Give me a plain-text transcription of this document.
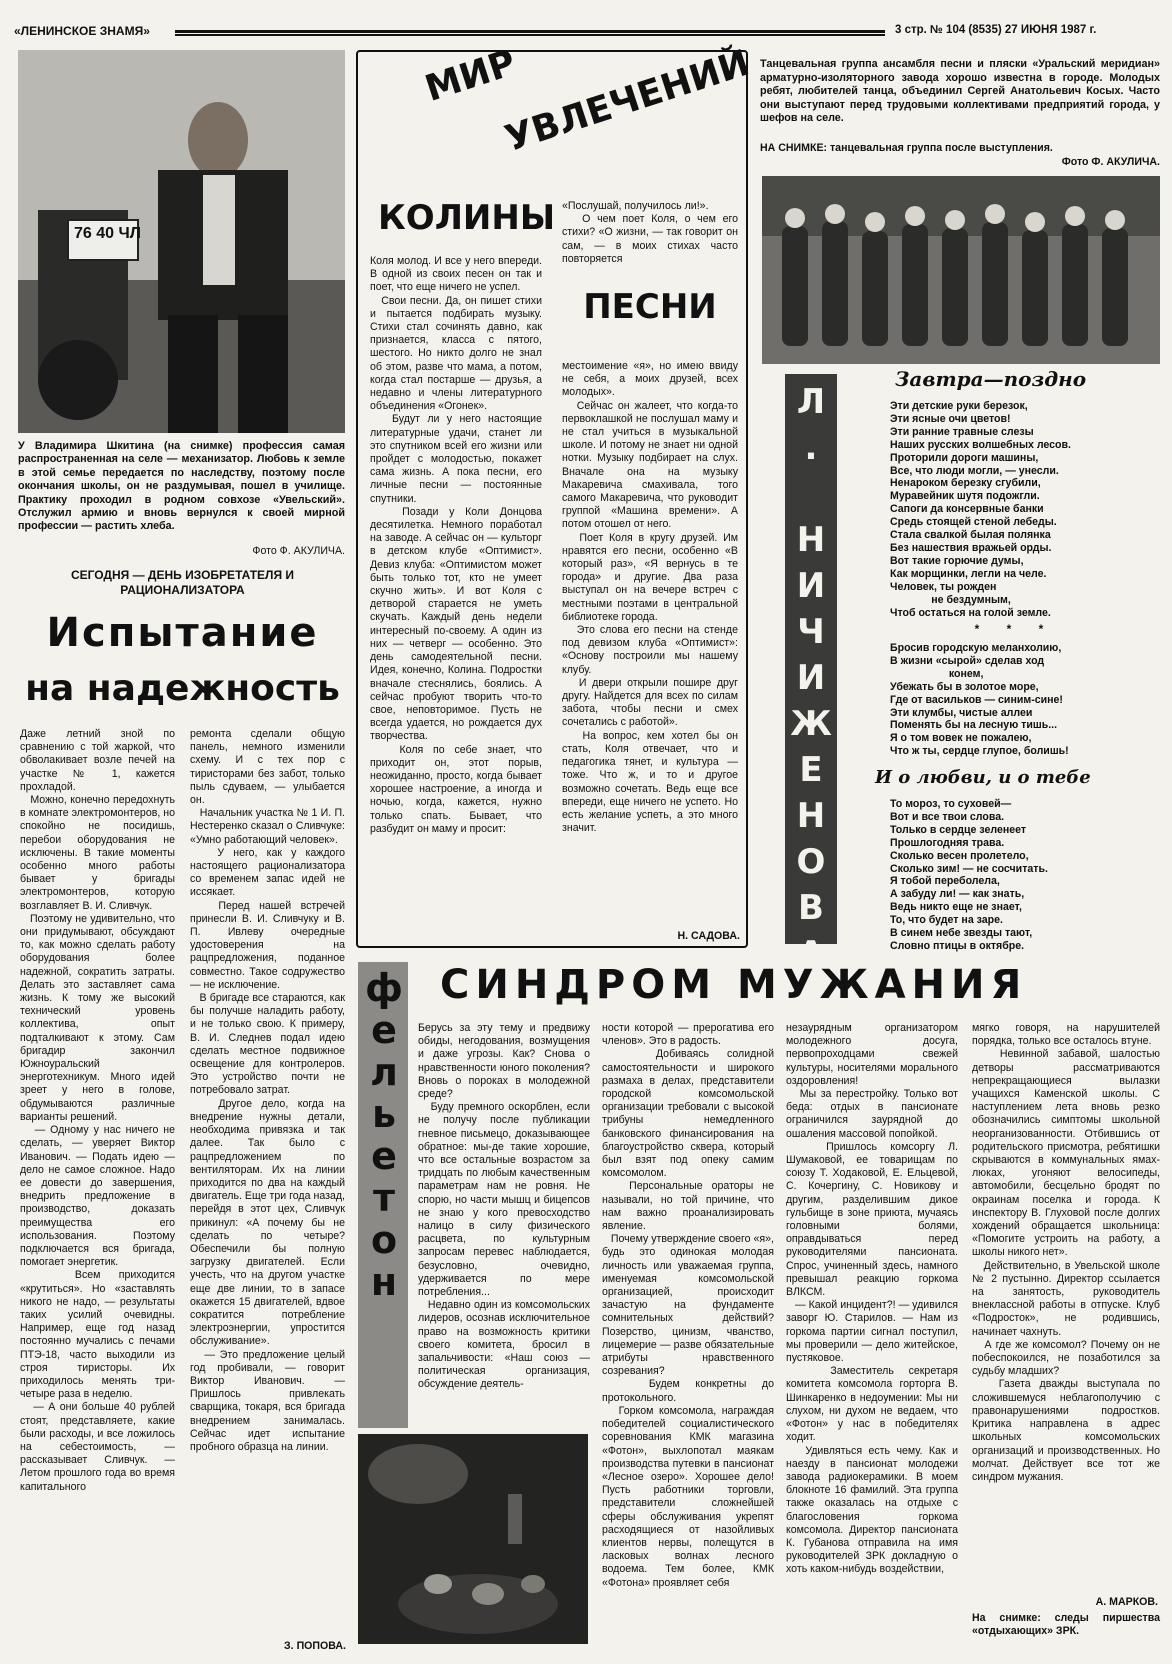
«ЛЕНИНСКОЕ ЗНАМЯ»	3 стр. № 104 (8535) 27 ИЮНЯ 1987 г.
76 40 ЧЛ
У Владимира Шкитина (на снимке) профессия самая распространенная на селе — механизатор. Любовь к земле в этой семье передается по наследству, поэтому после окончания школы, он не раздумывая, пошел в училище. Практику проходил в родном совхозе «Увельский». Отслужил армию и вновь вернулся к своей мирной профессии — растить хлеба.
Фото Ф. АКУЛИЧА.
СЕГОДНЯ — ДЕНЬ ИЗОБРЕТАТЕЛЯ И РАЦИОНАЛИЗАТОРА
Испытание
на надежность
Даже летний зной по сравнению с той жаркой, что обволакивает возле печей на участке № 1, кажется прохладой.
Можно, конечно передохнуть в комнате электромонтеров, но спокойно не посидишь, перебои оборудования не исключены. В такие моменты особенно много работы бывает у бригады электромонтеров, которую возглавляет В. И. Сливчук.
Поэтому не удивительно, что они придумывают, обсуждают то, как можно сделать работу оборудования более надежной, сократить затраты. Делать это заставляет сама жизнь. К тому же высокий технический уровень коллектива, опыт подталкивают к этому. Сам бригадир закончил Южноуральский энерготехникум. Много идей зреет у него в голове, обдумываются различные варианты решений.
— Одному у нас ничего не сделать, — уверяет Виктор Иванович. — Подать идею — дело не самое сложное. Надо ее довести до завершения, внедрить предложение в производство, доказать преимущества его использования. Поэтому подключается вся бригада, помогает энергетик.
Всем приходится «крутиться». Но «заставлять никого не надо, — результаты таких усилий очевидны. Например, еще год назад постоянно мучались с печами ПТЭ-18, часто выходили из строя тиристоры. Их приходилось менять три-четыре раза в неделю.
— А они больше 40 рублей стоят, представляете, какие были расходы, и все ложилось на себестоимость, — рассказывает Сливчук. — Летом прошлого года во время капитального
ремонта сделали общую панель, немного изменили схему. И с тех пор с тиристорами без забот, только пыль сдуваем, — улыбается он.
Начальник участка № 1 И. П. Нестеренко сказал о Сливчуке: «Умно работающий человек».
У него, как у каждого настоящего рационализатора со временем запас идей не иссякает.
Перед нашей встречей принесли В. И. Сливчуку и В. П. Ивлеву очередные удостоверения на рацпредложения, поданное совместно. Такое содружество — не исключение.
В бригаде все стараются, как бы получше наладить работу, и не только свою. К примеру, В. И. Следнев подал идею сделать местное подвижное освещение для контролеров. Это устройство почти не потребовало затрат.
Другое дело, когда на внедрение нужны детали, необходима привязка и так далее. Так было с рацпредложением по вентиляторам. Их на линии приходится по два на каждый двигатель. Еще три года назад, перейдя в этот цех, Сливчук прикинул: «А почему бы не сделать по четыре? Обеспечили бы полную загрузку двигателей. Если учесть, что на другом участке еще две линии, то в запасе окажется 15 двигателей, вдвое сократится потребление электроэнергии, упростится обслуживание».
— Это предложение целый год пробивали, — говорит Виктор Иванович. — Пришлось привлекать сварщика, токаря, вся бригада внедрением занималась. Сейчас идет испытание пробного образца на линии.
З. ПОПОВА.
МИР
УВЛЕЧЕНИЙ
КОЛИНЫ
Коля молод. И все у него впереди. В одной из своих песен он так и поет, что еще ничего не успел.
Свои песни. Да, он пишет стихи и пытается подбирать музыку. Стихи стал сочинять давно, как признается, класса с пятого, шестого. Но никто долго не знал об этом, разве что мама, а потом, когда стал постарше — друзья, а недавно и члены литературного объединения «Огонек».
Будут ли у него настоящие литературные удачи, станет ли это спутником всей его жизни или пройдет с молодостью, покажет сама жизнь. А пока песни, его личные песни — постоянные спутники.
Позади у Коли Донцова десятилетка. Немного поработал на заводе. А сейчас он — культорг в детском клубе «Оптимист». Девиз клуба: «Оптимистом может быть только тот, кто не умеет скучно жить». И вот Коля с детворой старается не уметь скучать. Каждый день недели интересный по-своему. А один из них — четверг — особенно. Это день самодеятельной песни. Идея, конечно, Колина. Подростки вначале стеснялись, боялись. А сейчас пробуют творить что-то свое, неповторимое. Пусть не всегда удается, но рождается дух творчества.
Коля по себе знает, что приходит он, этот порыв, неожиданно, просто, когда бывает хорошее настроение, а иногда и ночью, когда, кажется, нужно только спать. Бывает, что разбудит он маму и просит:
«Послушай, получилось ли!».
О чем поет Коля, о чем его стихи? «О жизни, — так говорит он сам, — в моих стихах часто повторяется
ПЕСНИ
местоимение «я», но имею ввиду не себя, а моих друзей, всех молодых».
Сейчас он жалеет, что когда-то первоклашкой не послушал маму и не стал учиться в музыкальной школе. И потому не знает ни одной нотки. Музыку подбирает на слух. Вначале она на музыку Макаревича смахивала, того самого Макаревича, что руководит группой «Машина времени». А потом отошел от него.
Поет Коля в кругу друзей. Им нравятся его песни, особенно «В который раз», «Я вернусь в те города» и другие. Два раза выступал он на вечере встреч с местными поэтами в центральной библиотеке города.
Это слова его песни на стенде под девизом клуба «Оптимист»: «Основу построили мы нашему клубу.
И двери открыли пошире друг другу. Найдется для всех по силам забота, чтобы песни и смех сочетались с работой».
На вопрос, кем хотел бы он стать, Коля отвечает, что и педагогика тянет, и культура — тоже. Что ж, и то и другое возможно сочетать. Ведь еще все впереди, еще ничего не успето. Но есть желание успеть, а это много значит.
Н. САДОВА.
Танцевальная группа ансамбля песни и пляски «Уральский меридиан» арматурно-изоляторного завода хорошо известна в городе. Молодых ребят, любителей танца, объединил Сергей Анатольевич Косых. Часто они выступают перед трудовыми коллективами предприятий города, у шефов на селе.
НА СНИМКЕ: танцевальная группа после выступления.
Фото Ф. АКУЛИЧА.
Л. НИЧИЖЕНОВА
Завтра—поздно
Эти детские руки березок,
Эти ясные очи цветов!
Эти ранние травные слезы
Наших русских волшебных лесов.
Проторили дороги машины,
Все, что люди могли, — унесли.
Ненароком березку сгубили,
Муравейник шутя подожгли.
Сапоги да консервные банки
Средь стоящей стеной лебеды.
Стала свалкой былая полянка
Без нашествия вражьей орды.
Вот такие горючие думы,
Как морщинки, легли на челе.
Человек, ты рожден
не бездумным,
Чтоб остаться на голой земле.
* * *
Бросив городскую меланхолию,
В жизни «сырой» сделав ход
конем,
Убежать бы в золотое море,
Где от васильков — синим-сине!
Эти клумбы, чистые аллеи
Поменять бы на лесную тишь...
Я о том вовек не пожалею,
Что ж ты, сердце глупое, болишь!
И о любви, и о тебе
То мороз, то суховей—
Вот и все твои слова.
Только в сердце зеленеет
Прошлогодняя трава.
Сколько весен пролетело,
Сколько зим! — не сосчитать.
Я тобой переболела,
А забуду ли! — как знать,
Ведь никто еще не знает,
То, что будет на заре.
В синем небе звезды тают,
Словно птицы в октябре.
фельетон СИНДРОМ МУЖАНИЯ
Берусь за эту тему и предвижу обиды, негодования, возмущения и даже угрозы. Как? Снова о нравственности юного поколения? Вновь о пороках в молодежной среде?
Буду премного оскорблен, если не получу после публикации гневное письмецо, доказывающее обратное: мы-де такие хорошие, что все остальные возрастом за тридцать по любым качественным параметрам нам не ровня. Не спорю, но части мышц и бицепсов не знаю у кого превосходство налицо в силу физического расцвета, по культурным запросам перевес наблюдается, безусловно, очевидно, удерживается по мере потребления...
Недавно один из комсомольских лидеров, осознав исключительное право на возможность критики своего комитета, бросил в запальчивости: «Наш союз — политическая организация, обсуждение деятель-
ности которой — прерогатива его членов». Это в радость.
Добиваясь солидной самостоятельности и широкого размаха в делах, представители городской комсомольской организации требовали с высокой трибуны немедленного банковского финансирования на благоустройство сквера, который был взят под опеку самим комсомолом.
Персональные ораторы не называли, но той причине, что нам важно проанализировать явление.
Почему утверждение своего «я», будь это одинокая молодая личность или уважаемая группа, именуемая комсомольской организацией, происходит зачастую на фундаменте сомнительных действий? Позерство, цинизм, чванство, лицемерие — разве обязательные атрибуты нравственного созревания?
Будем конкретны до протокольного.
Горком комсомола, награждая победителей социалистического соревнования КМК магазина «Фотон», выхлопотал маякам производства путевки в пансионат «Лесное озеро». Хорошее дело! Пусть работники торговли, представители сложнейшей сферы обслуживания укрепят расходящиеся от назойливых клиентов нервы, полещутся в ласковых волнах лесного водоема. Тем более, КМК «Фотона» проявляет себя
незаурядным организатором молодежного досуга, первопроходцами свежей культуры, носителями морального оздоровления!
Мы за перестройку. Только вот беда: отдых в пансионате ограничился заурядной до ошаления массовой попойкой.
Пришлось комсоргу Л. Шумаковой, ее товарищам по союзу Т. Ходаковой, Е. Ельцевой, С. Кочергину, С. Новикову и другим, разделившим дикое гульбище в зоне приюта, мучаясь головными болями, оправдываться перед руководителями пансионата. Спрос, учиненный здесь, намного превышал реакцию горкома ВЛКСМ.
— Какой инцидент?! — удивился заворг Ю. Старилов. — Нам из горкома партии сигнал поступил, мы проверили — дело житейское, пустяковое.
Заместитель секретаря комитета комсомола горторга В. Шинкаренко в недоумении: Мы ни слухом, ни духом не ведаем, что «Фотон» у нас в победителях ходит.
Удивляться есть чему. Как и наезду в пансионат молодежи завода радиокерамики. В моем блокноте 16 фамилий. Эта группа также оказалась на отдыхе с благословения горкома комсомола. Директор пансионата К. Губанова отправила на имя руководителей ЗРК докладную о хоть каком-нибудь воздействии,
мягко говоря, на нарушителей порядка, только все осталось втуне.
Невинной забавой, шалостью детворы рассматриваются непрекращающиеся вылазки учащихся Каменской школы. С наступлением лета вновь резко обозначились симптомы школьной неорганизованности. Отбившись от родительского присмотра, ребятишки скрываются в коммунальных ямах-люках, угоняют велосипеды, автомобили, бесцельно бродят по окраинам поселка и города. К инспектору В. Глуховой после долгих хождений обращается школьница: «Помогите устроить на работу, а школы никого нет».
Действительно, в Увельской школе № 2 пустынно. Директор ссылается на занятость, руководитель внеклассной работы в отпуске. Клуб «Подросток», не родившись, начинает чахнуть.
А где же комсомол? Почему он не побеспокоился, не позаботился за судьбу младших?
Газета дважды выступала по сложившемуся неблагополучию с правонарушениями подростков. Критика направлена в адрес школьных комсомольских организаций и производственных. Но молчат. Действует все тот же синдром мужания.
А. МАРКОВ.
На снимке: следы пиршества «отдыхающих» ЗРК.
